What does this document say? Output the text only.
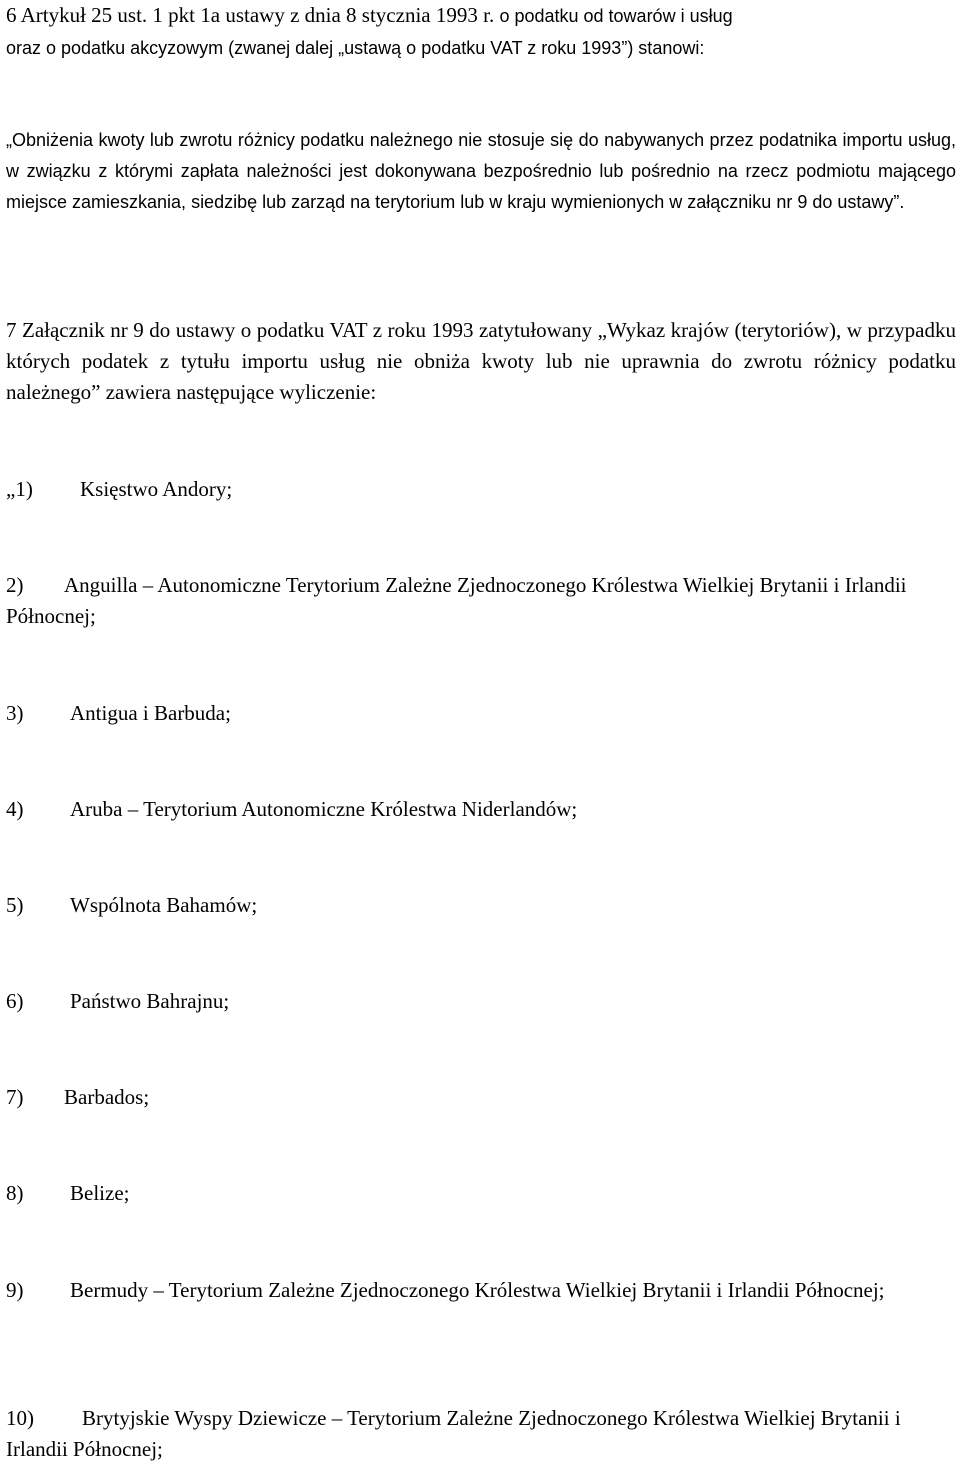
6 Artykuł 25 ust. 1 pkt 1a ustawy z dnia 8 stycznia 1993 r. o podatku od towarów i usług

oraz o podatku akcyzowym (zwanej dalej „ustawą o podatku VAT z roku 1993”) stanowi:

„Obniżenia kwoty lub zwrotu różnicy podatku należnego nie stosuje się do nabywanych przez podatnika importu usług, w związku z którymi zapłata należności jest dokonywana bezpośrednio lub pośrednio na rzecz podmiotu mającego miejsce zamieszkania, siedzibę lub zarząd na terytorium lub w kraju wymienionych w załączniku nr 9 do ustawy”.

7 Załącznik nr 9 do ustawy o podatku VAT z roku 1993 zatytułowany „Wykaz krajów (terytoriów), w przypadku których podatek z tytułu importu usług nie obniża kwoty lub nie uprawnia do zwrotu różnicy podatku należnego” zawiera następujące wyliczenie:

„1) Księstwo Andory;

2) Anguilla – Autonomiczne Terytorium Zależne Zjednoczonego Królestwa Wielkiej Brytanii i Irlandii Północnej;

3) Antigua i Barbuda;

4) Aruba – Terytorium Autonomiczne Królestwa Niderlandów;

5) Wspólnota Bahamów;

6) Państwo Bahrajnu;

7) Barbados;

8) Belize;

9) Bermudy – Terytorium Zależne Zjednoczonego Królestwa Wielkiej Brytanii i Irlandii Północnej;

10) Brytyjskie Wyspy Dziewicze – Terytorium Zależne Zjednoczonego Królestwa Wielkiej Brytanii i Irlandii Północnej;
